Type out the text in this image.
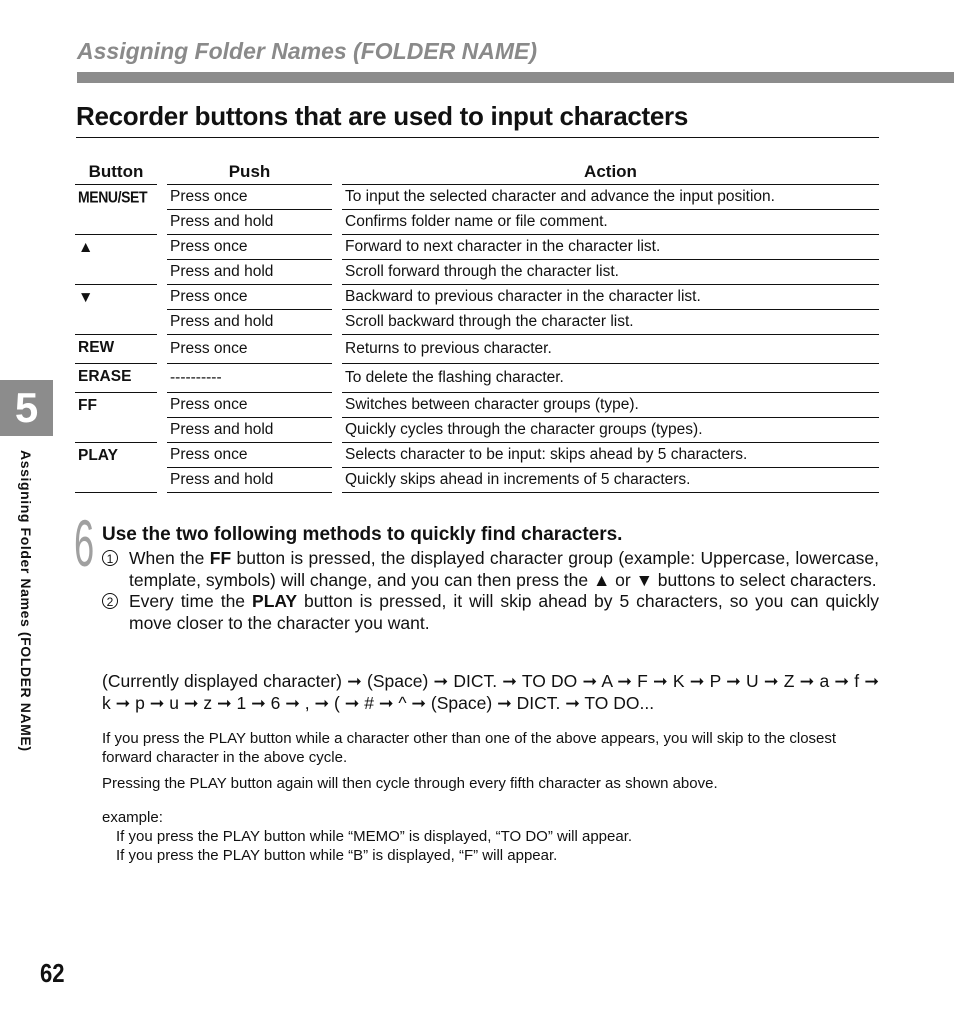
Assigning Folder Names (FOLDER NAME)
Recorder buttons that are used to input characters
Button		Push		Action
MENU/SET		Press once		To input the selected character and advance the input position.
		Press and hold		Confirms folder name or file comment.
▲		Press once		Forward to next character in the character list.
		Press and hold		Scroll forward through the character list.
▼		Press once		Backward to previous character in the character list.
		Press and hold		Scroll backward through the character list.
REW		Press once		Returns to previous character.
ERASE		----------		To delete the flashing character.
FF		Press once		Switches between character groups (type).
		Press and hold		Quickly cycles through the character groups (types).
PLAY		Press once		Selects character to be input: skips ahead by 5 characters.
		Press and hold		Quickly skips ahead in increments of 5 characters.
5
Assigning Folder Names (FOLDER NAME) 6 Use the two following methods to quickly find characters.
1 When the FF button is pressed, the displayed character group (example: Uppercase, lowercase, template, symbols) will change, and you can then press the ▲ or ▼ buttons to select characters.
2 Every time the PLAY button is pressed, it will skip ahead by 5 characters, so you can quickly move closer to the character you want.
(Currently displayed character) ➞ (Space) ➞ DICT. ➞ TO DO ➞ A ➞ F ➞ K ➞ P ➞ U ➞ Z ➞ a ➞ f ➞ k ➞ p ➞ u ➞ z ➞ 1 ➞ 6 ➞ , ➞ ( ➞ # ➞ ^ ➞ (Space) ➞ DICT. ➞ TO DO...

If you press the PLAY button while a character other than one of the above appears, you will skip to the closest forward character in the above cycle.

Pressing the PLAY button again will then cycle through every fifth character as shown above.

example:
If you press the PLAY button while “MEMO” is displayed, “TO DO” will appear.
If you press the PLAY button while “B” is displayed, “F” will appear.
62
